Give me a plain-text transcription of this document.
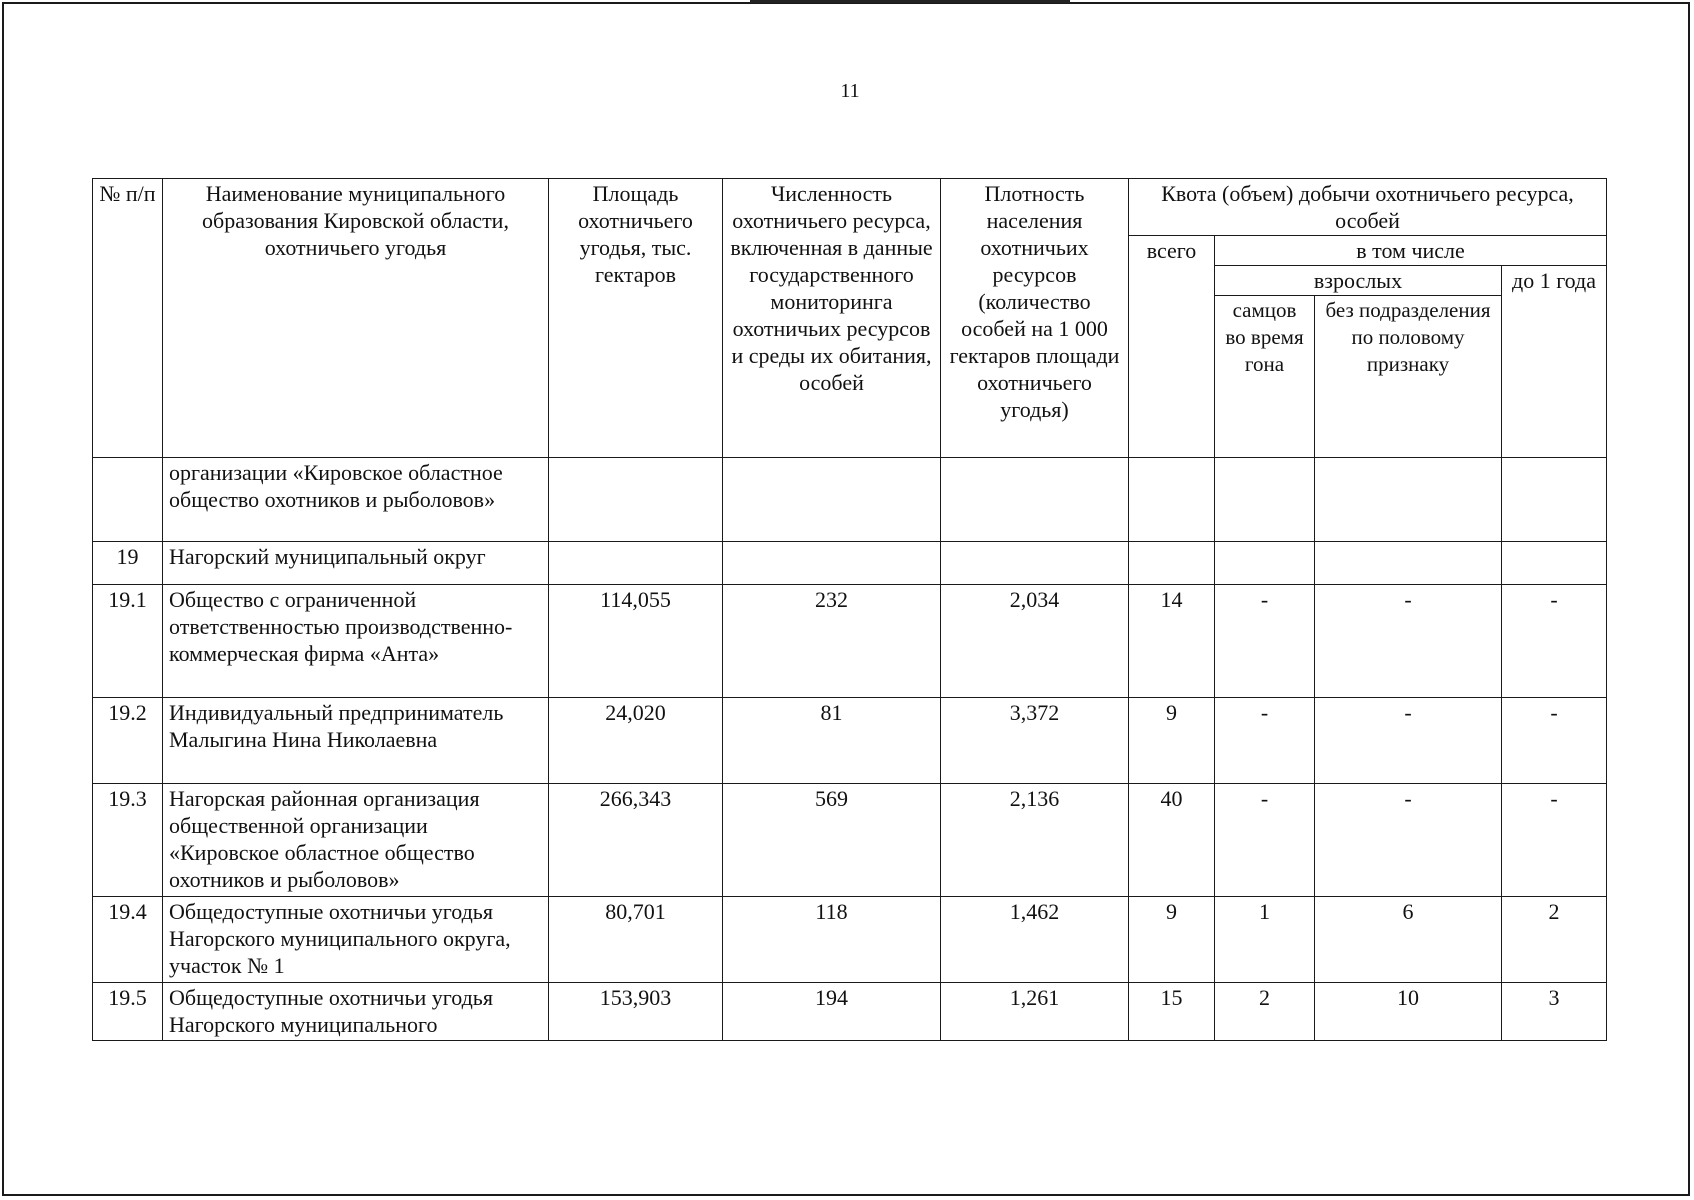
11
№ п/п	Наименование муниципального образования Кировской области, охотничьего угодья	Площадь охотничьего угодья, тыс. гектаров	Численность охотничьего ресурса, включенная в данные государственного мониторинга охотничьих ресурсов и среды их обитания, особей	Плотность населения охотничьих ресурсов (количество особей на 1 000 гектаров площади охотничьего угодья)	Квота (объем) добычи охотничьего ресурса, особей			
					всего	в том числе		
						взрослых		до 1 года
						самцов во время гона	без подразделения по половому признаку	
	организации «Кировское областное общество охотников и рыболовов»							
19	Нагорский муниципальный округ							
19.1	Общество с ограниченной ответственностью производственно-коммерческая фирма «Анта»	114,055	232	2,034	14	-	-	-
19.2	Индивидуальный предприниматель Малыгина Нина Николаевна	24,020	81	3,372	9	-	-	-
19.3	Нагорская районная организация общественной организации «Кировское областное общество охотников и рыболовов»	266,343	569	2,136	40	-	-	-
19.4	Общедоступные охотничьи угодья Нагорского муниципального округа, участок № 1	80,701	118	1,462	9	1	6	2
19.5	Общедоступные охотничьи угодья Нагорского муниципального	153,903	194	1,261	15	2	10	3
